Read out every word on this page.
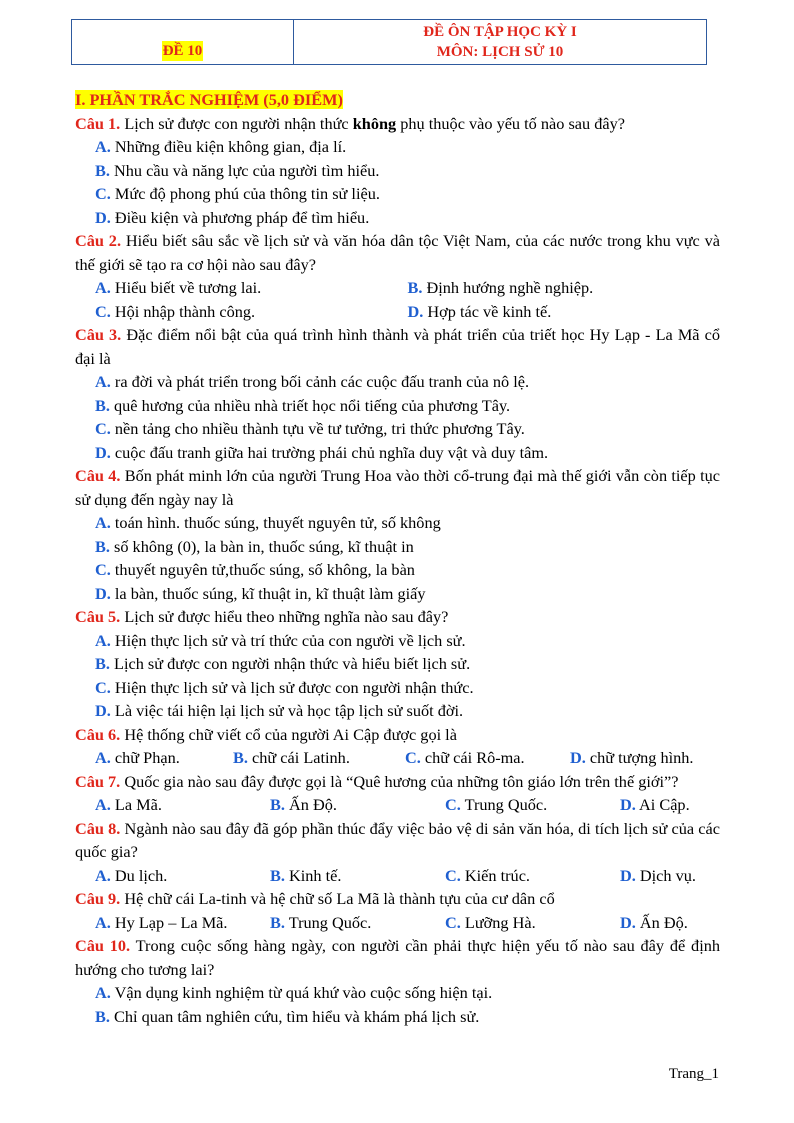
ĐỀ 10
ĐỀ ÔN TẬP HỌC KỲ I
MÔN: LỊCH SỬ 10
I. PHẦN TRẮC NGHIỆM (5,0 ĐIỂM)
Câu 1. Lịch sử được con người nhận thức không phụ thuộc vào yếu tố nào sau đây?
A. Những điều kiện không gian, địa lí.
B. Nhu cầu và năng lực của người tìm hiểu.
C. Mức độ phong phú của thông tin sử liệu.
D. Điều kiện và phương pháp để tìm hiểu.
Câu 2. Hiểu biết sâu sắc về lịch sử và văn hóa dân tộc Việt Nam, của các nước trong khu vực và thế giới sẽ tạo ra cơ hội nào sau đây?
A. Hiểu biết về tương lai.	B. Định hướng nghề nghiệp.
C. Hội nhập thành công.	D. Hợp tác về kinh tế.
Câu 3. Đặc điểm nổi bật của quá trình hình thành và phát triển của triết học Hy Lạp - La Mã cổ đại là
A. ra đời và phát triển trong bối cảnh các cuộc đấu tranh của nô lệ.
B. quê hương của nhiều nhà triết học nổi tiếng của phương Tây.
C. nền tảng cho nhiều thành tựu về tư tưởng, tri thức phương Tây.
D. cuộc đấu tranh giữa hai trường phái chủ nghĩa duy vật và duy tâm.
Câu 4. Bốn phát minh lớn của người Trung Hoa vào thời cổ-trung đại mà thế giới vẫn còn tiếp tục sử dụng đến ngày nay là
A. toán hình. thuốc súng, thuyết nguyên tử, số không
B. số không (0), la bàn in, thuốc súng, kĩ thuật in
C. thuyết nguyên tử,thuốc súng, số không, la bàn
D. la bàn, thuốc súng, kĩ thuật in, kĩ thuật làm giấy
Câu 5. Lịch sử được hiểu theo những nghĩa nào sau đây?
A. Hiện thực lịch sử và trí thức của con người về lịch sử.
B. Lịch sử được con người nhận thức và hiểu biết lịch sử.
C. Hiện thực lịch sử và lịch sử được con người nhận thức.
D. Là việc tái hiện lại lịch sử và học tập lịch sử suốt đời.
Câu 6. Hệ thống chữ viết cổ của người Ai Cập được gọi là
A. chữ Phạn.	B. chữ cái Latinh.	C. chữ cái Rô-ma.	D. chữ tượng hình.
Câu 7. Quốc gia nào sau đây được gọi là “Quê hương của những tôn giáo lớn trên thế giới”?
A. La Mã.	B. Ấn Độ.	C. Trung Quốc.	D. Ai Cập.
Câu 8. Ngành nào sau đây đã góp phần thúc đẩy việc bảo vệ di sản văn hóa, di tích lịch sử của các quốc gia?
A. Du lịch.	B. Kinh tế.	C. Kiến trúc.	D. Dịch vụ.
Câu 9. Hệ chữ cái La-tinh và hệ chữ số La Mã là thành tựu của cư dân cổ
A. Hy Lạp – La Mã.	B. Trung Quốc.	C. Lưỡng Hà.	D. Ấn Độ.
Câu 10. Trong cuộc sống hàng ngày, con người cần phải thực hiện yếu tố nào sau đây để định hướng cho tương lai?
A. Vận dụng kinh nghiệm từ quá khứ vào cuộc sống hiện tại.
B. Chỉ quan tâm nghiên cứu, tìm hiểu và khám phá lịch sử.
Trang_1
